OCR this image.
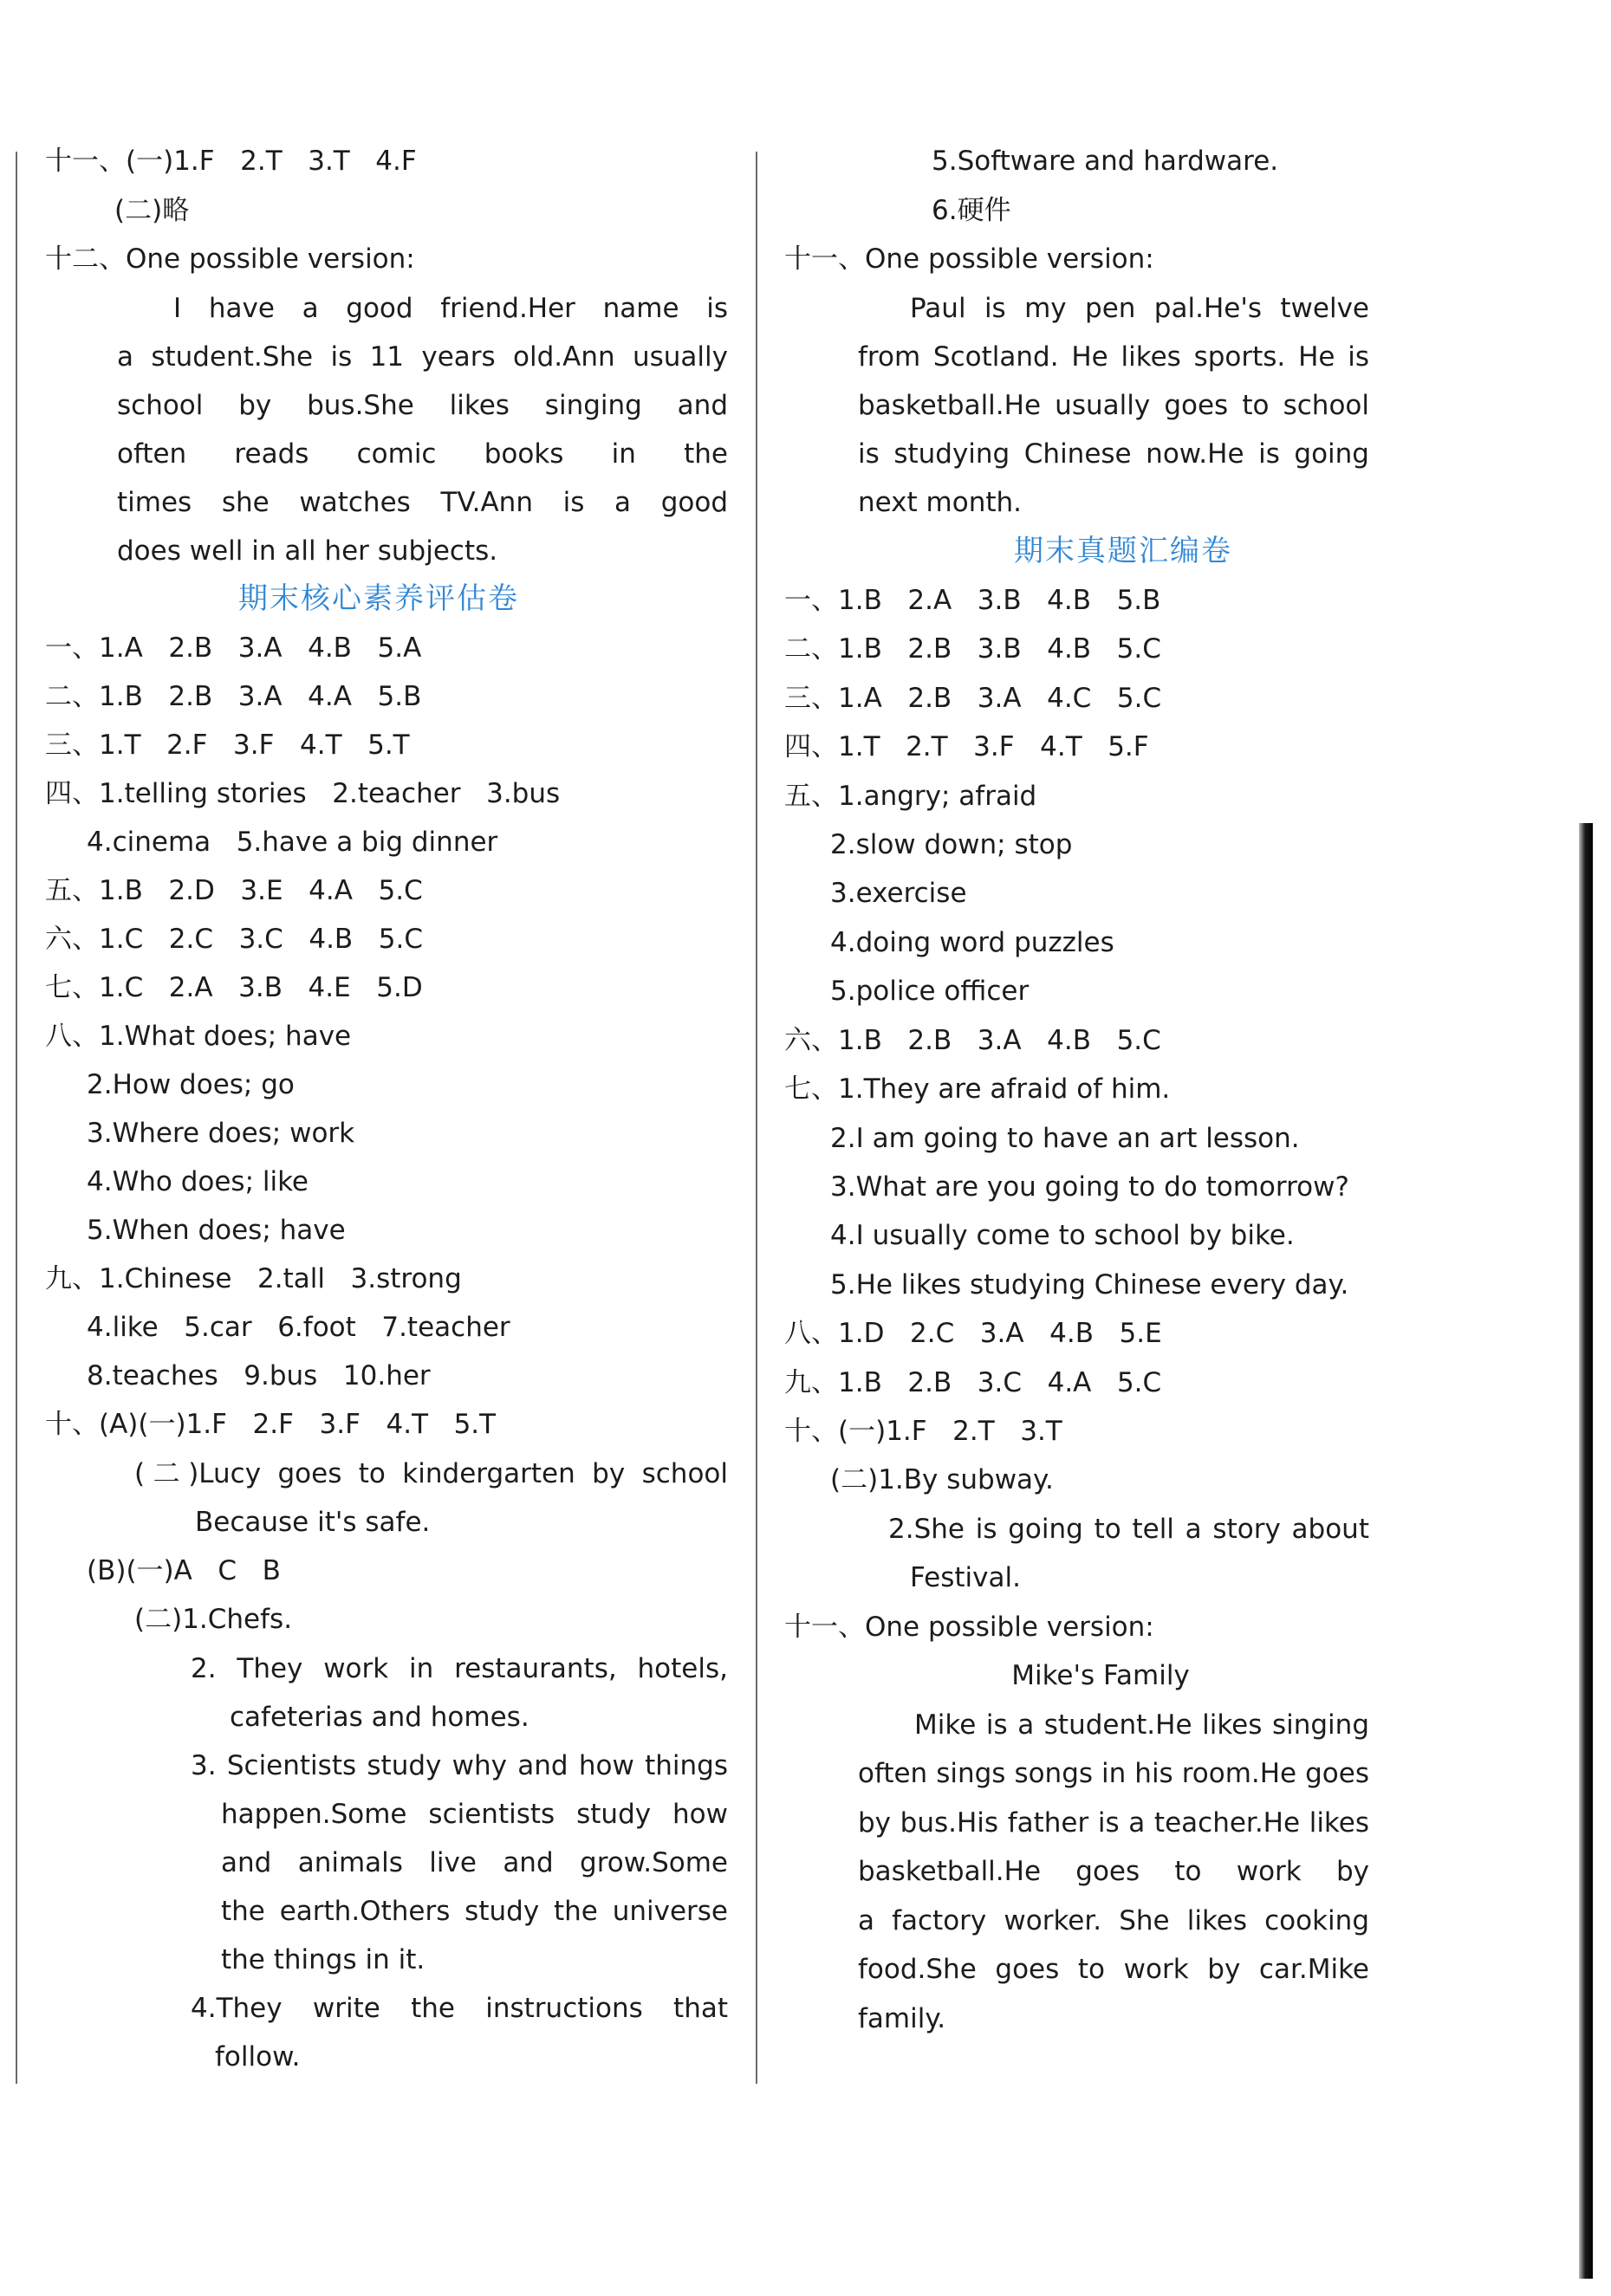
十一、(一)1.F   2.T   3.T   4.F
(二)略
十二、One possible version:
I have a good friend.Her name is
a student.She is 11 years old.Ann usually
school by bus.She likes singing and
often reads comic books in the
times she watches TV.Ann is a good
does well in all her subjects.
期末核心素养评估卷
一、1.A   2.B   3.A   4.B   5.A
二、1.B   2.B   3.A   4.A   5.B
三、1.T   2.F   3.F   4.T   5.T
四、1.telling stories   2.teacher   3.bus
4.cinema   5.have a big dinner
五、1.B   2.D   3.E   4.A   5.C
六、1.C   2.C   3.C   4.B   5.C
七、1.C   2.A   3.B   4.E   5.D
八、1.What does; have
2.How does; go
3.Where does; work
4.Who does; like
5.When does; have
九、1.Chinese   2.tall   3.strong
4.like   5.car   6.foot   7.teacher
8.teaches   9.bus   10.her
十、(A)(一)1.F   2.F   3.F   4.T   5.T
(二)Lucy goes to kindergarten by school
Because it's safe.
(B)(一)A   C   B
(二)1.Chefs.
2. They work in restaurants, hotels,
cafeterias and homes.
3. Scientists study why and how things
happen.Some scientists study how
and animals live and grow.Some
the earth.Others study the universe
the things in it.
4.They write the instructions that
follow.
5.Software and hardware.
6.硬件
十一、One possible version:
Paul is my pen pal.He's twelve
from Scotland. He likes sports. He is
basketball.He usually goes to school
is studying Chinese now.He is going
next month.
期末真题汇编卷
一、1.B   2.A   3.B   4.B   5.B
二、1.B   2.B   3.B   4.B   5.C
三、1.A   2.B   3.A   4.C   5.C
四、1.T   2.T   3.F   4.T   5.F
五、1.angry; afraid
2.slow down; stop
3.exercise
4.doing word puzzles
5.police officer
六、1.B   2.B   3.A   4.B   5.C
七、1.They are afraid of him.
2.I am going to have an art lesson.
3.What are you going to do tomorrow?
4.I usually come to school by bike.
5.He likes studying Chinese every day.
八、1.D   2.C   3.A   4.B   5.E
九、1.B   2.B   3.C   4.A   5.C
十、(一)1.F   2.T   3.T
(二)1.By subway.
2.She is going to tell a story about
Festival.
十一、One possible version:
Mike's Family
Mike is a student.He likes singing
often sings songs in his room.He goes
by bus.His father is a teacher.He likes
basketball.He goes to work by
a factory worker. She likes cooking
food.She goes to work by car.Mike
family.
